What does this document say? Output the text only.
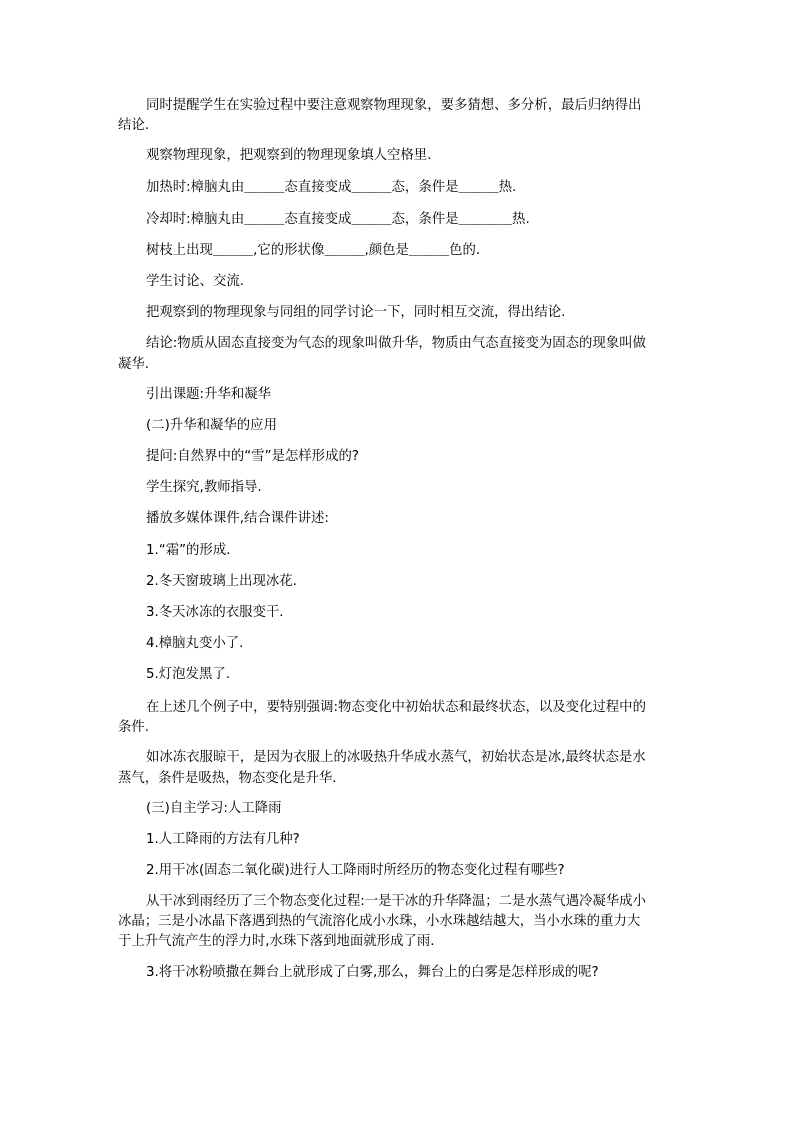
同时提醒学生在实验过程中要注意观察物理现象，要多猜想、多分析，最后归纳得出
结论.
观察物理现象，把观察到的物理现象填人空格里.
加热时:樟脑丸由＿＿＿态直接变成＿＿＿态，条件是＿＿＿热.
冷却时:樟脑丸由＿＿＿态直接变成＿＿＿态，条件是＿＿＿＿热.
树枝上出现＿＿＿,它的形状像＿＿＿,颜色是＿＿＿色的.
学生讨论、交流.
把观察到的物理现象与同组的同学讨论一下，同时相互交流，得出结论.
结论:物质从固态直接变为气态的现象叫做升华，物质由气态直接变为固态的现象叫做
凝华.
引出课题:升华和凝华
(二)升华和凝华的应用
提问:自然界中的“雪”是怎样形成的?
学生探究,教师指导.
播放多媒体课件,结合课件讲述:
1.“霜”的形成.
2.冬天窗玻璃上出现冰花.
3.冬天冰冻的衣服变干.
4.樟脑丸变小了.
5.灯泡发黑了.
在上述几个例子中，要特别强调:物态变化中初始状态和最终状态，以及变化过程中的
条件.
如冰冻衣服晾干，是因为衣服上的冰吸热升华成水蒸气，初始状态是冰,最终状态是水
蒸气，条件是吸热，物态变化是升华.
(三)自主学习:人工降雨
1.人工降雨的方法有几种?
2.用干冰(固态二氧化碳)进行人工降雨时所经历的物态变化过程有哪些?
从干冰到雨经历了三个物态变化过程:一是干冰的升华降温；二是水蒸气遇冷凝华成小
冰晶；三是小冰晶下落遇到热的气流溶化成小水珠，小水珠越结越大，当小水珠的重力大
于上升气流产生的浮力时,水珠下落到地面就形成了雨.
3.将干冰粉喷撒在舞台上就形成了白雾,那么，舞台上的白雾是怎样形成的呢?
